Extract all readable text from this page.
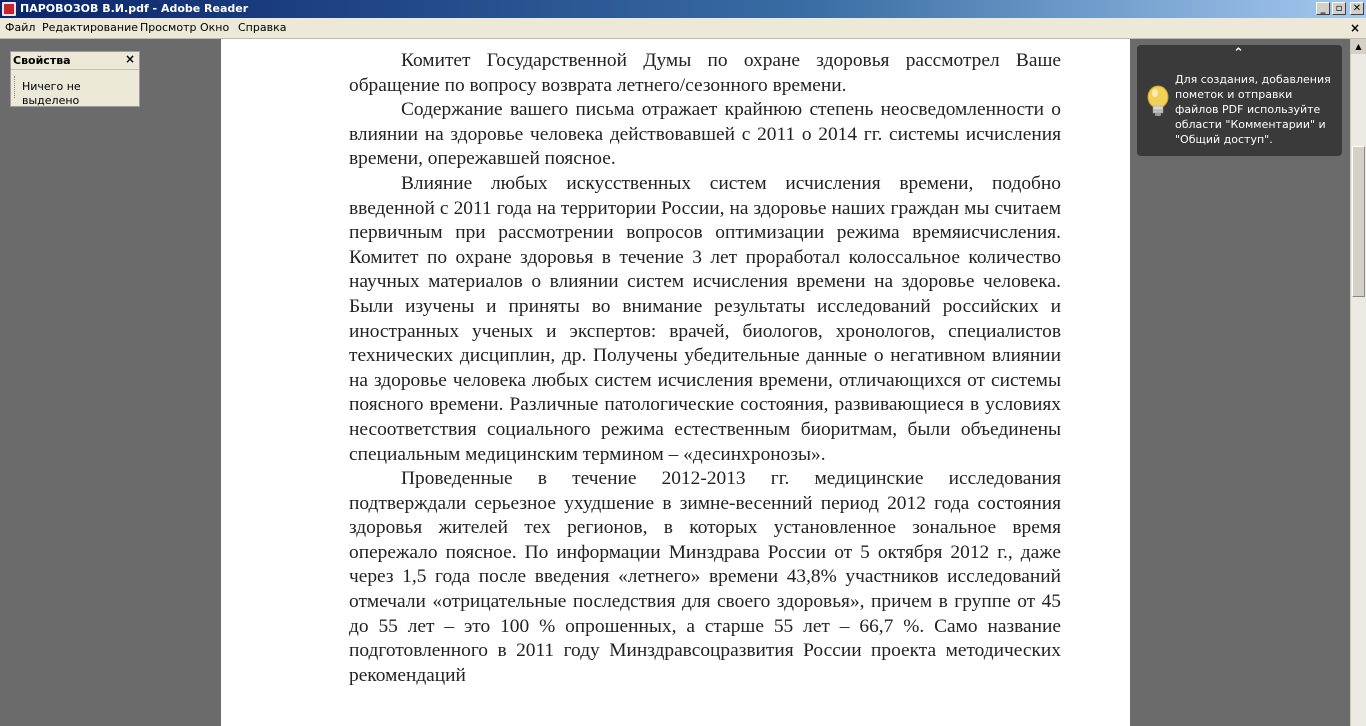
ПАРОВОЗОВ В.И.pdf - Adobe Reader	_	▫	✕
Файл Редактирование Просмотр Окно Справка	×
Свойства	×
Ничего не выделено

Комитет Государственной Думы по охране здоровья рассмотрел Ваше обращение по вопросу возврата летнего/сезонного времени.

Содержание вашего письма отражает крайнюю степень неосведомленности о влиянии на здоровье человека действовавшей с 2011 о 2014 гг. системы исчисления времени, опережавшей поясное.

Влияние любых искусственных систем исчисления времени, подобно введенной с 2011 года на территории России, на здоровье наших граждан мы считаем первичным при рассмотрении вопросов оптимизации режима времяисчисления. Комитет по охране здоровья в течение 3 лет проработал колоссальное количество научных материалов о влиянии систем исчисления времени на здоровье человека. Были изучены и приняты во внимание результаты исследований российских и иностранных ученых и экспертов: врачей, биологов, хронологов, специалистов технических дисциплин, др. Получены убедительные данные о негативном влиянии на здоровье человека любых систем исчисления времени, отличающихся от системы поясного времени. Различные патологические состояния, развивающиеся в условиях несоответствия социального режима естественным биоритмам, были объединены специальным медицинским термином – «десинхронозы».

Проведенные в течение 2012-2013 гг. медицинские исследования подтверждали серьезное ухудшение в зимне-весенний период 2012 года состояния здоровья жителей тех регионов, в которых установленное зональное время опережало поясное. По информации Минздрава России от 5 октября 2012 г., даже через 1,5 года после введения «летнего» времени 43,8% участников исследований отмечали «отрицательные последствия для своего здоровья», причем в группе от 45 до 55 лет – это 100 % опрошенных, а старше 55 лет – 66,7 %. Само название подготовленного в 2011 году Минздравсоцразвития России проекта методических рекомендаций

⌃
Для создания, добавления пометок и отправки файлов PDF используйте области "Комментарии" и "Общий доступ".
▲
